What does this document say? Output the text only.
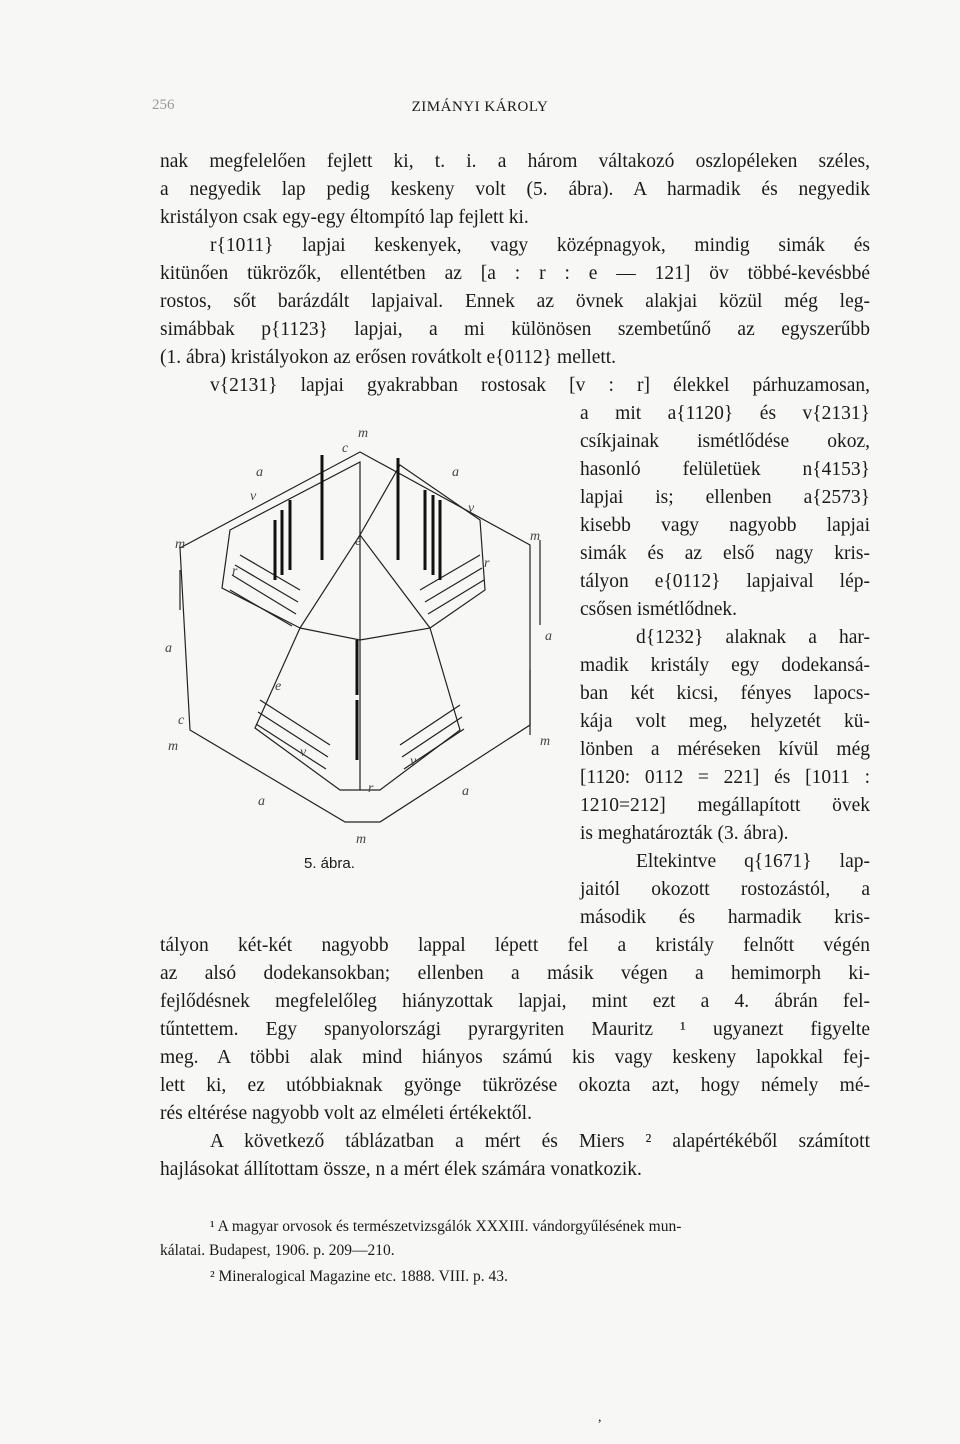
256	ZIMÁNYI KÁROLY
nak megfelelően fejlett ki, t. i. a három váltakozó oszlopéleken széles,
a negyedik lap pedig keskeny volt (5. ábra). A harmadik és negyedik
kristályon csak egy-egy éltompító lap fejlett ki.
r{1011} lapjai keskenyek, vagy középnagyok, mindig simák és
kitünően tükrözők, ellentétben az [a : r : e — 121] öv többé-kevésbbé
rostos, sőt barázdált lapjaival. Ennek az övnek alakjai közül még leg-
simábbak p{1123} lapjai, a mi különösen szembetűnő az egyszerűbb
(1. ábra) kristályokon az erősen rovátkolt e{0112} mellett.
v{2131} lapjai gyakrabban rostosak [v : r] élekkel párhuzamosan,
a mit a{1120} és v{2131}
csíkjainak ismétlődése okoz,
hasonló felületüek n{4153}
lapjai is; ellenben a{2573}
kisebb vagy nagyobb lapjai
simák és az első nagy kris-
tályon e{0112} lapjaival lép-
csősen ismétlődnek.
d{1232} alaknak a har-
madik kristály egy dodekansá-
ban két kicsi, fényes lapocs-
kája volt meg, helyzetét kü-
lönben a méréseken kívül még
[1120: 0112 = 221] és [1011 :
1210=212] megállapított övek
is meghatározták (3. ábra).
Eltekintve q{1671} lap-
jaitól okozott rostozástól, a
második és harmadik kris-
tályon két-két nagyobb lappal lépett fel a kristály felnőtt végén
az alsó dodekansokban; ellenben a másik végen a hemimorph ki-
fejlődésnek megfelelőleg hiányzottak lapjai, mint ezt a 4. ábrán fel-
tűntettem. Egy spanyolországi pyrargyriten Mauritz ¹ ugyanezt figyelte
meg. A többi alak mind hiányos számú kis vagy keskeny lapokkal fej-
lett ki, ez utóbbiaknak gyönge tükrözése okozta azt, hogy némely mé-
rés eltérése nagyobb volt az elméleti értékektől.
A következő táblázatban a mért és Miers ² alapértékéből számított
hajlásokat állítottam össze, n a mért élek számára vonatkozik.
¹ A magyar orvosok és természetvizsgálók XXXIII. vándorgyűlésének mun-
kálatai. Budapest, 1906. p. 209—210.
² Mineralogical Magazine etc. 1888. VIII. p. 43.
,
m
c
a	a
v
v
m
m
e
r
r
a
a
c
e
m	m
v
v
r
a
a
m
5. ábra.
